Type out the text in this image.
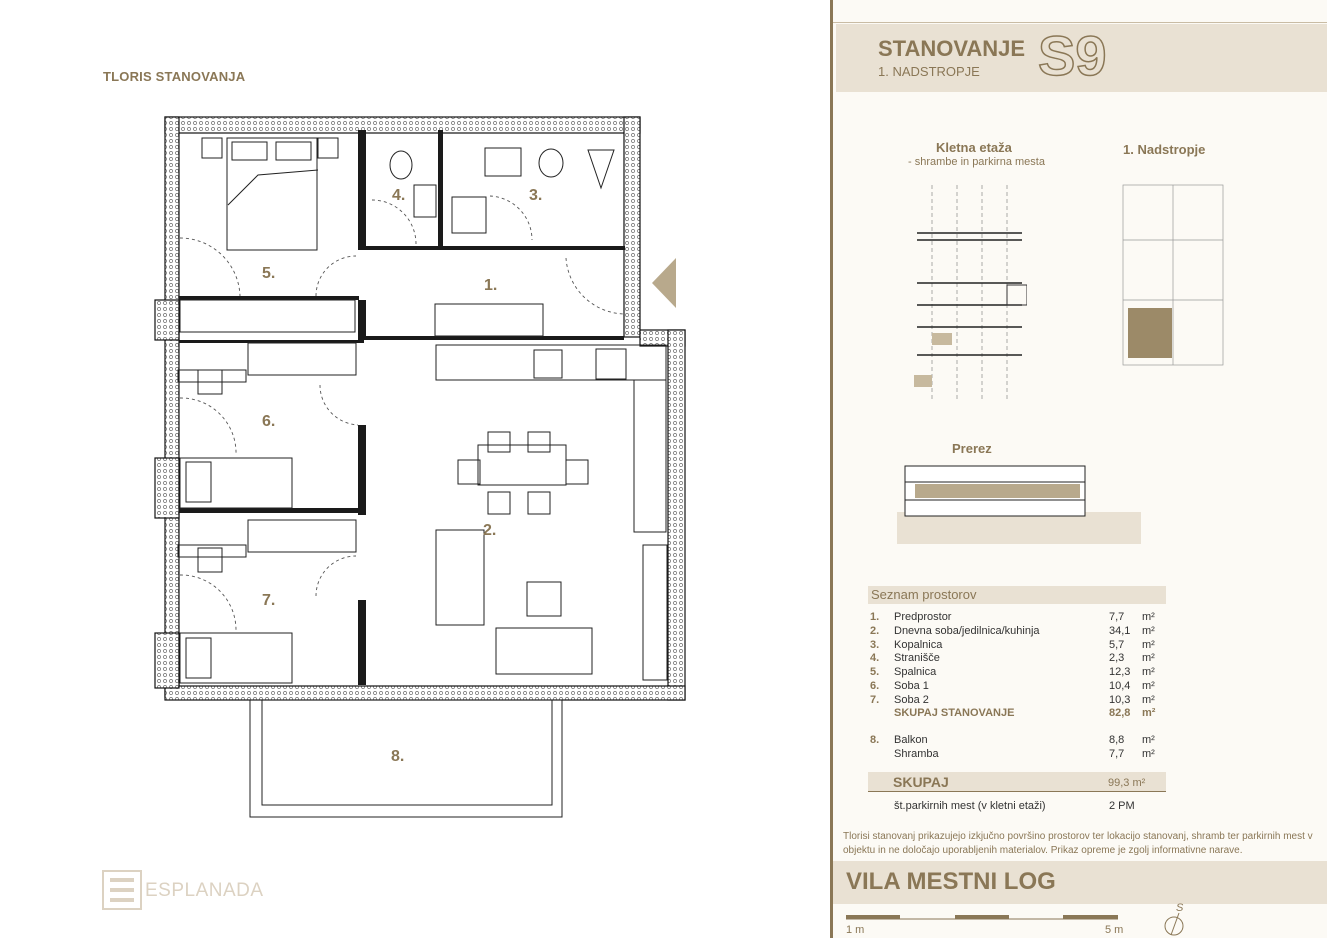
TLORIS STANOVANJA
1.
2.
3.
4.
5.
6.
7.
8.
ESPLANADA
STANOVANJE
1. NADSTROPJE S9
Kletna etaža
- shrambe in parkirna mesta
1. Nadstropje
Prerez
Seznam prostorov
1.	Predprostor	7,7 m²
2.	Dnevna soba/jedilnica/kuhinja	34,1 m²
3.	Kopalnica	5,7 m²
4.	Stranišče	2,3 m²
5.	Spalnica	12,3 m²
6.	Soba 1	10,4 m²
7.	Soba 2	10,3 m²
SKUPAJ STANOVANJE	82,8 m²
8.	Balkon	8,8 m²
Shramba	7,7 m²
SKUPAJ	99,3 m²
št.parkirnih mest (v kletni etaži)	2 PM
Tlorisi stanovanj prikazujejo izkjučno površino prostorov ter lokacijo stanovanj, shramb ter parkirnih mest v objektu in ne določajo uporabljenih materialov. Prikaz opreme je zgolj informativne narave.
VILA MESTNI LOG
1 m	5 m
S
